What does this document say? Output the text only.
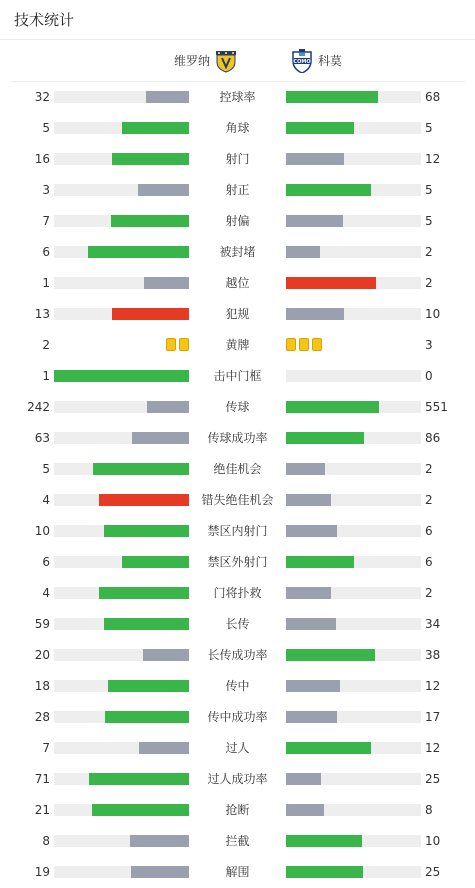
技术统计
维罗纳	COMO 科莫
32	控球率	68
5	角球	5
16	射门	12
3	射正	5
7	射偏	5
6	被封堵	2
1	越位	2
13	犯规	10
2	黄牌	3
1	击中门框	0
242	传球	551
63	传球成功率	86
5	绝佳机会	2
4	错失绝佳机会	2
10	禁区内射门	6
6	禁区外射门	6
4	门将扑救	2
59	长传	34
20	长传成功率	38
18	传中	12
28	传中成功率	17
7	过人	12
71	过人成功率	25
21	抢断	8
8	拦截	10
19	解围	25
